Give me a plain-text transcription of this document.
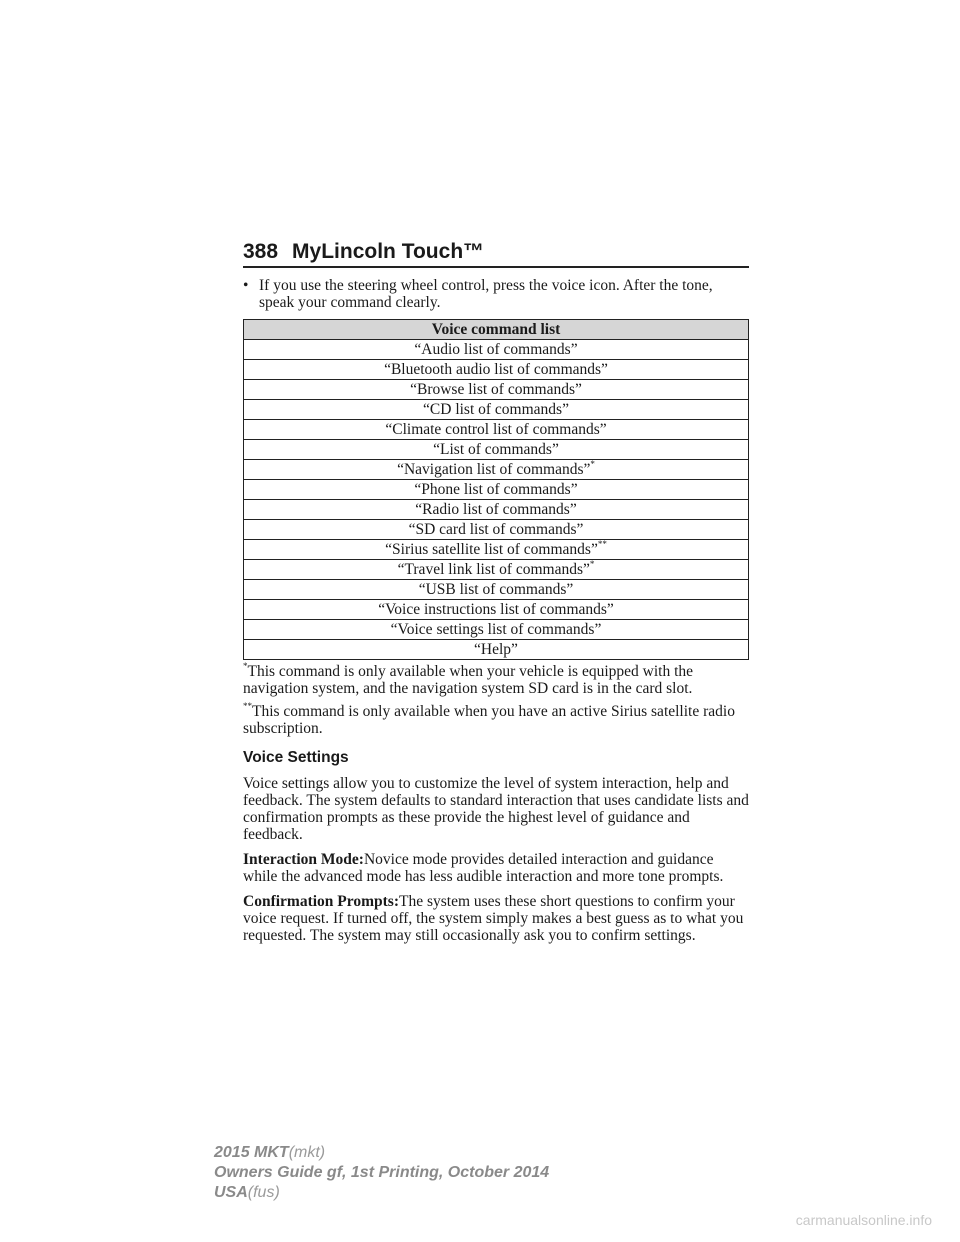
388 MyLincoln Touch™
• If you use the steering wheel control, press the voice icon. After the tone, speak your command clearly.
Voice command list
“Audio list of commands”
“Bluetooth audio list of commands”
“Browse list of commands”
“CD list of commands”
“Climate control list of commands”
“List of commands”
“Navigation list of commands”*
“Phone list of commands”
“Radio list of commands”
“SD card list of commands”
“Sirius satellite list of commands”**
“Travel link list of commands”*
“USB list of commands”
“Voice instructions list of commands”
“Voice settings list of commands”
“Help”
*This command is only available when your vehicle is equipped with the navigation system, and the navigation system SD card is in the card slot.
**This command is only available when you have an active Sirius satellite radio subscription.
Voice Settings

Voice settings allow you to customize the level of system interaction, help and feedback. The system defaults to standard interaction that uses candidate lists and confirmation prompts as these provide the highest level of guidance and feedback.

Interaction Mode:Novice mode provides detailed interaction and guidance while the advanced mode has less audible interaction and more tone prompts.

Confirmation Prompts:The system uses these short questions to confirm your voice request. If turned off, the system simply makes a best guess as to what you requested. The system may still occasionally ask you to confirm settings.

2015 MKT(mkt)
Owners Guide gf, 1st Printing, October 2014
USA(fus)
carmanualsonline.info
